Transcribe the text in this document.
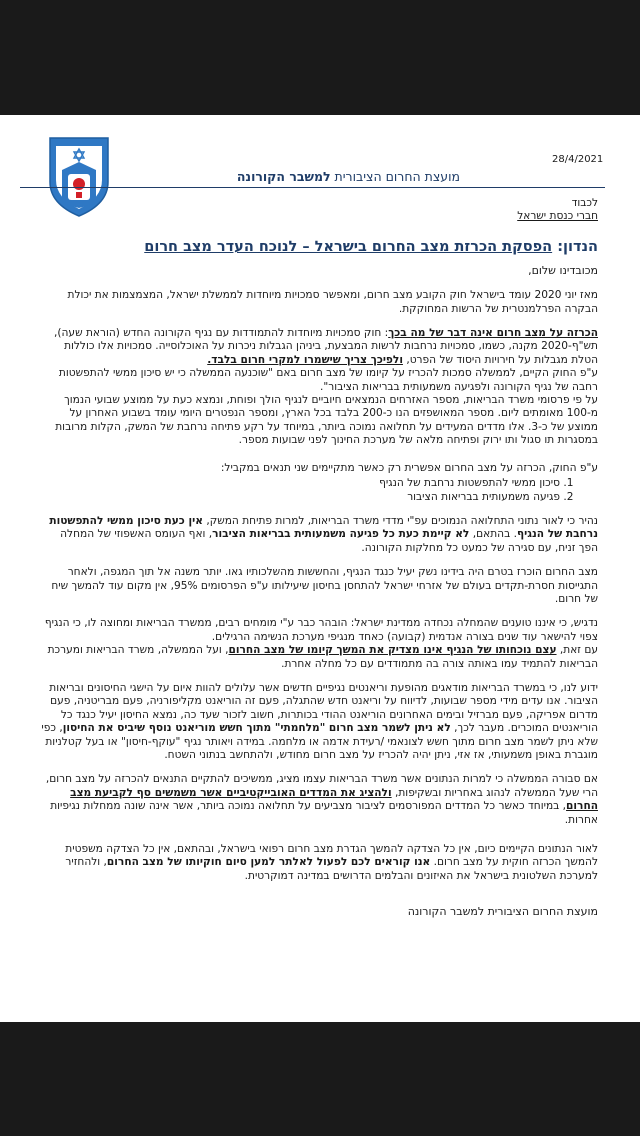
28/4/2021
מועצת החרום הציבורית למשבר הקורונה

לכבוד

חברי כנסת ישראל

הנדון: הפסקת הכרזת מצב החרום בישראל – לנוכח העדר מצב חרום
מכובדינו שלום,

מאז יוני 2020 עומד בישראל חוק הקובע מצב חרום, ומאפשר סמכויות מיוחדות לממשלת ישראל, המצמצמות את יכולת הבקרה הפרלמנטרית של הרשות המחוקקת.

הכרזה על מצב חרום אינה דבר של מה בכך: חוק סמכויות מיוחדות להתמודדות עם נגיף הקורונה החדש (הוראת שעה), תש"ף-2020 מקנה, כשמו, סמכויות נרחבות לרשות המבצעת, ביניהן הגבלות ניכרות על האוכלוסייה. סמכויות אלו כוללות הטלת מגבלות על חירויות היסוד של הפרט, ולפיכך צריך שישמרו למקרי חרום בלבד.

ע"פ החוק הקיים, לממשלה סמכות להכריז על קיומו של מצב חרום באם "שוכנעה הממשלה כי יש סיכון ממשי להתפשטות רחבה של נגיף הקורונה ולפגיעה משמעותית בבריאות הציבור".

על פי פרסומי משרד הבריאות, מספר האזרחים הנמצאים חיוביים לנגיף הולך ופוחת, ונמצא כעת על ממוצע שבועי הנמוך מ-100 מאומתים ליום. מספר המאושפזים הנו כ-200 בלבד בכל הארץ, ומספר הנפטרים היומי עומד בשבוע האחרון על ממוצע של כ-3. אלו מדדים המעידים על תחלואה נמוכה ביותר, במיוחד על רקע פתיחה נרחבת של המשק, הקלות מרובות במסגרות תו סגול ותו ירוק ופתיחה מלאה של מערכת החינוך לפני שבועות מספר.

ע"פ החוק, הכרזה על מצב החרום אפשרית רק כאשר מתקיימים שני תנאים במקביל:

1. סיכון ממשי להתפשטות נרחבת של הנגיף
2. פגיעה משמעותית בבריאות הציבור

נהיר כי לאור נתוני התחלואה הנמוכים עפ"י מדדי משרד הבריאות, למרות פתיחת המשק, אין כעת סיכון ממשי להתפשטות נרחבת של הנגיף. בהתאם, לא קיימת כעת כל פגיעה משמעותית בבריאות הציבור, ואף העומס האשפוזי של המחלה הפך זניח, עם סגירה של כמעט כל מחלקות הקורונה.

מצב החרום הוכרז בטרם היה בידינו נשק יעיל כנגד הנגיף, והחששות מהשלכותיו גאו. יותר משנה אל תוך המגפה, ולאחר התגייסות חסרת-תקדים בעולם של אזרחי ישראל להתחסן בחיסון שיעילותו ע"פ הפרסומים 95%, אין מקום עוד להמשך שיח של חרום.

נדגיש, כי איננו טוענים שהמחלה נכחדה ממדינת ישראל: הובהר כבר ע"י מומחים רבים, ממשרד הבריאות ומחוצה לו, כי הנגיף צפוי להישאר עוד שנים בצורה אנדמית (קבועה) כאחד מנגיפי מערכת הנשימה הרגילים.
עם זאת, עצם נוכחותו של הנגיף אינו מצדיק את המשך קיומו של מצב החרום, ועל הממשלה, משרד הבריאות ומערכת הבריאות להתמיד עמו באותה צורה בה מתמודדים עם כל מחלה אחרת.

ידוע לנו, כי במשרד הבריאות מודאגים מהופעת וריאנטים נגיפיים חדשים אשר עלולים להוות איום על הישגי החיסונים ובריאות הציבור. אנו עדים מידי מספר שבועות, לדיווח על וריאנט חדש שהתגלה, פעם זה הוריאנט מקליפורניה, פעם מבריטניה, פעם מדרום אפריקה, פעם מברזיל ובימים האחרונים הוריאנט ההודי בכותרות, חשוב לזכור שעד כה, נמצא החיסון יעיל כנגד כל הוריאנטים המוכרים. מעבר לכך, לא ניתן לשמר מצב חרום "מלחמתי" מתוך חשש מוריאנט נוסף שיביס את החיסון, כפי שלא ניתן לשמר מצב חרום מתוך חשש לצונאמי /רעידת אדמה או מלחמה. במידה ויאותר נגיף "עוקף-חיסון" או בעל קטלניות מוגברת באופן משמעותי, אז אזי, ניתן יהיה להכריז על מצב חרום מחודש, ולהתחשב בנתוני השטח.

אם סבורה הממשלה כי למרות הנתונים אשר משרד הבריאות עצמו מציג, ממשיכים להתקיים התנאים להכרזה על מצב חרום, הרי שעל הממשלה לנהוג באחריות ובשקיפות, ולהציג את המדדים האובייקטיביים אשר משמשים סף לקביעת מצב החרום, במיוחד כאשר כל המדדים המפורסמים לציבור מצביעים על תחלואה נמוכה ביותר, אשר אינה שונה ממחלות נגיפיות אחרות.

לאור הנתונים הקיימים כיום, אין כל הצדקה להמשך הגדרת מצב חרום רפואי בישראל, ובהתאם, אין כל הצדקה משפטית להמשך הכרזה חוקית על מצב חרום. אנו קוראים לכם לפעול לאלתר למען סיום חוקיותו של מצב החרום, ולהחזיר למערכת השלטונית בישראל את האיזונים והבלמים הדרושים במדינה דמוקרטית.

מועצת החרום הציבורית למשבר הקורונה
